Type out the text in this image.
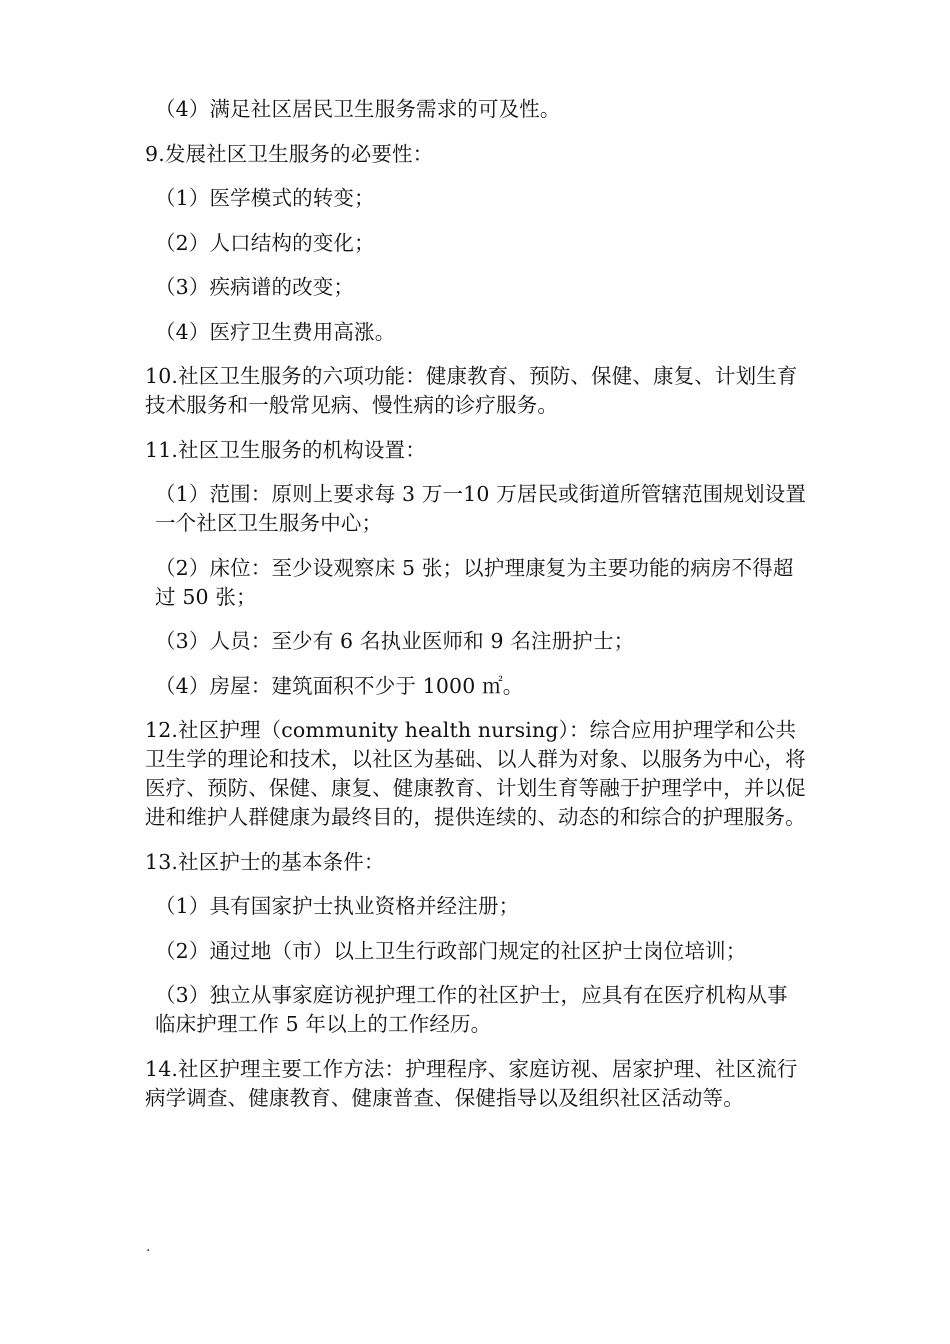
（4）满足社区居民卫生服务需求的可及性。

9.发展社区卫生服务的必要性：

（1）医学模式的转变；

（2）人口结构的变化；

（3）疾病谱的改变；

（4）医疗卫生费用高涨。

10.社区卫生服务的六项功能：健康教育、预防、保健、康复、计划生育技术服务和一般常见病、慢性病的诊疗服务。

11.社区卫生服务的机构设置：

（1）范围：原则上要求每 3 万一10 万居民或街道所管辖范围规划设置一个社区卫生服务中心；

（2）床位：至少设观察床 5 张；以护理康复为主要功能的病房不得超过 50 张；

（3）人员：至少有 6 名执业医师和 9 名注册护士；

（4）房屋：建筑面积不少于 1000 ㎡。

12.社区护理（community health nursing）：综合应用护理学和公共卫生学的理论和技术，以社区为基础、以人群为对象、以服务为中心，将医疗、预防、保健、康复、健康教育、计划生育等融于护理学中，并以促进和维护人群健康为最终目的，提供连续的、动态的和综合的护理服务。

13.社区护士的基本条件：

（1）具有国家护士执业资格并经注册；

（2）通过地（市）以上卫生行政部门规定的社区护士岗位培训；

（3）独立从事家庭访视护理工作的社区护士，应具有在医疗机构从事临床护理工作 5 年以上的工作经历。

14.社区护理主要工作方法：护理程序、家庭访视、居家护理、社区流行病学调查、健康教育、健康普查、保健指导以及组织社区活动等。

.
